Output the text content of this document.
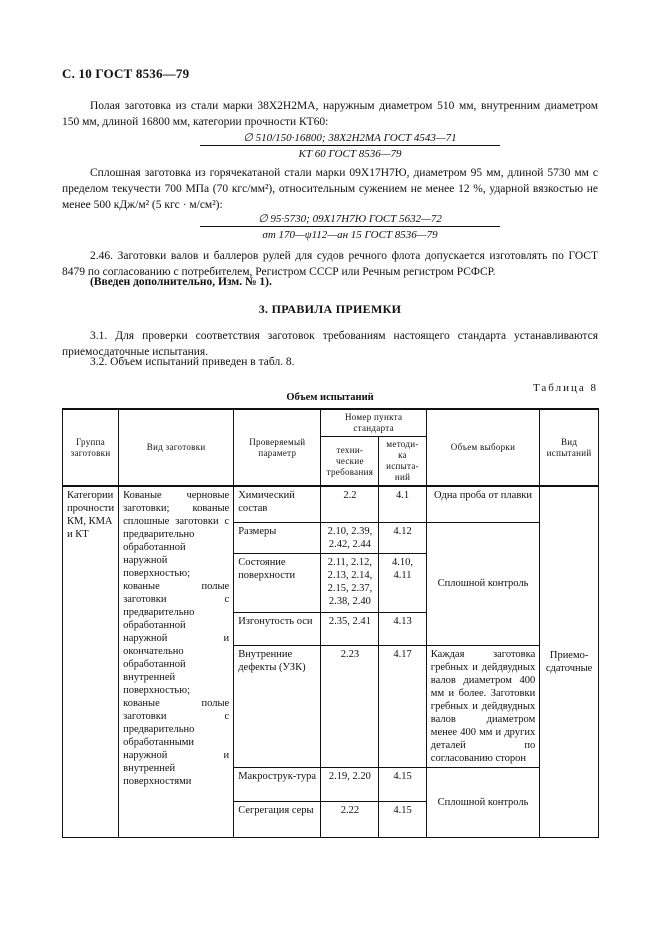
С. 10 ГОСТ 8536—79
Полая заготовка из стали марки 38Х2Н2МА, наружным диаметром 510 мм, внутренним диаметром 150 мм, длиной 16800 мм, категории прочности КТ60:
∅ 510/150·16800; 38Х2Н2МА ГОСТ 4543—71
КТ 60 ГОСТ 8536—79
Сплошная заготовка из горячекатаной стали марки 09Х17Н7Ю, диаметром 95 мм, длиной 5730 мм с пределом текучести 700 МПа (70 кгс/мм²), относительным сужением не менее 12 %, ударной вязкостью не менее 500 кДж/м² (5 кгс · м/см²):
∅ 95·5730; 09Х17Н7Ю ГОСТ 5632—72
σт 170—ψ112—ан 15 ГОСТ 8536—79
2.46. Заготовки валов и баллеров рулей для судов речного флота допускается изготовлять по ГОСТ 8479 по согласованию с потребителем, Регистром СССР или Речным регистром РСФСР.
(Введен дополнительно, Изм. № 1).
3. ПРАВИЛА ПРИЕМКИ
3.1. Для проверки соответствия заготовок требованиям настоящего стандарта устанавливаются приемосдаточные испытания.
3.2. Объем испытаний приведен в табл. 8.
Таблица 8
Объем испытаний
Группа заготовки	Вид заготовки	Проверяемый параметр	Номер пункта стандарта		Объем выборки	Вид испытаний
			техни-ческие требования	методи-ка испыта-ний		
Категории прочности КМ, КМА и КТ	Кованые черновые заготовки; кованые сплошные заготовки с предварительно обработанной наружной поверхностью; кованые полые заготовки с предварительно обработанной наружной и окончательно обработанной внутренней поверхностью; кованые полые заготовки с предварительно обработанными наружной и внутренней поверхностями	Химический состав	2.2	4.1	Одна проба от плавки	Приемо-сдаточные
		Размеры	2.10, 2.39, 2.42, 2.44	4.12	Сплошной контроль	
		Состояние поверхности	2.11, 2.12, 2.13, 2.14, 2.15, 2.37, 2.38, 2.40	4.10, 4.11		
		Изгонутость оси	2.35, 2.41	4.13		
		Внутренние дефекты (УЗК)	2.23	4.17	Каждая заготовка гребных и дейдвудных валов диаметром 400 мм и более. Заготовки гребных и дейдвудных валов диаметром менее 400 мм и других деталей по согласованию сторон	
		Макрострук-тура	2.19, 2.20	4.15	Сплошной контроль	
		Сегрегация серы	2.22	4.15		
